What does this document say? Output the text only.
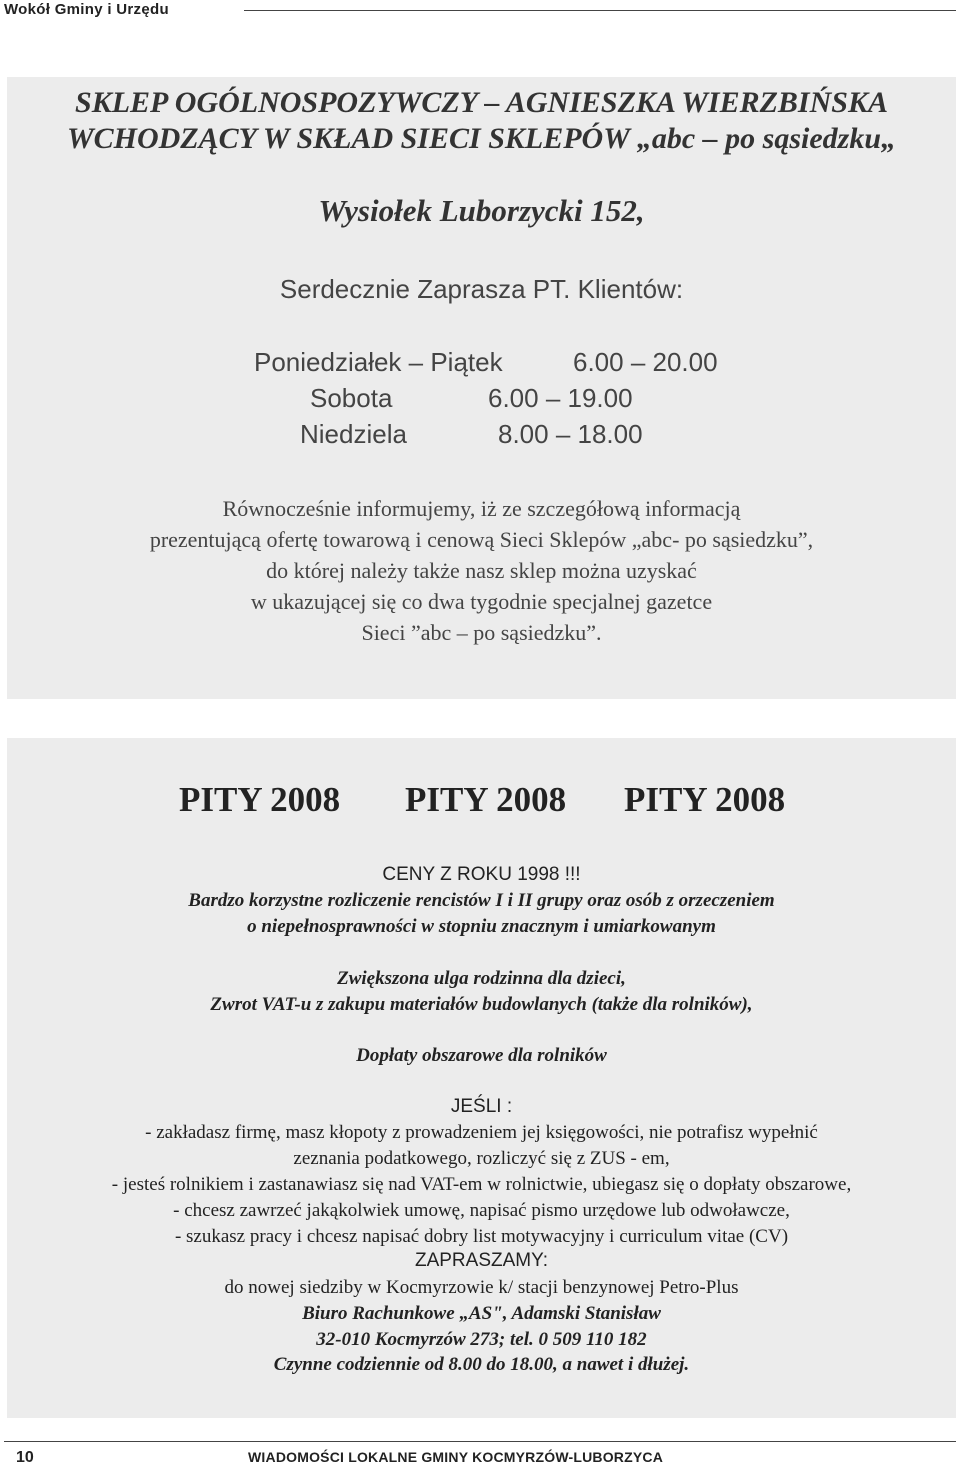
Wokół Gminy i Urzędu
SKLEP OGÓLNOSPOZYWCZY – AGNIESZKA WIERZBIŃSKA
WCHODZĄCY W SKŁAD SIECI SKLEPÓW „abc – po sąsiedzku„
Wysiołek Luborzycki 152,
Serdecznie Zaprasza PT. Klientów:
Poniedziałek – Piątek	6.00 – 20.00
Sobota	6.00 – 19.00
Niedziela	8.00 – 18.00
Równocześnie informujemy, iż ze szczegółową informacją
prezentującą ofertę towarową i cenową Sieci Sklepów „abc- po sąsiedzku”,
do której należy także nasz sklep można uzyskać
w ukazującej się co dwa tygodnie specjalnej gazetce
Sieci ”abc – po sąsiedzku”.
PITY 2008 PITY 2008 PITY 2008
CENY Z ROKU 1998 !!!
Bardzo korzystne rozliczenie rencistów I i II grupy oraz osób z orzeczeniem
o niepełnosprawności w stopniu znacznym i umiarkowanym
Zwiększona ulga rodzinna dla dzieci,
Zwrot VAT-u z zakupu materiałów budowlanych (także dla rolników),
Dopłaty obszarowe dla rolników
JEŚLI :
- zakładasz firmę, masz kłopoty z prowadzeniem jej księgowości, nie potrafisz wypełnić
zeznania podatkowego, rozliczyć się z ZUS - em,
- jesteś rolnikiem i zastanawiasz się nad VAT-em w rolnictwie, ubiegasz się o dopłaty obszarowe,
- chcesz zawrzeć jakąkolwiek umowę, napisać pismo urzędowe lub odwoławcze,
- szukasz pracy i chcesz napisać dobry list motywacyjny i curriculum vitae (CV)
ZAPRASZAMY:
do nowej siedziby w Kocmyrzowie k/ stacji benzynowej Petro-Plus
Biuro Rachunkowe „AS", Adamski Stanisław
32-010 Kocmyrzów 273; tel. 0 509 110 182
Czynne codziennie od 8.00 do 18.00, a nawet i dłużej.
10	WIADOMOŚCI LOKALNE GMINY KOCMYRZÓW-LUBORZYCA
